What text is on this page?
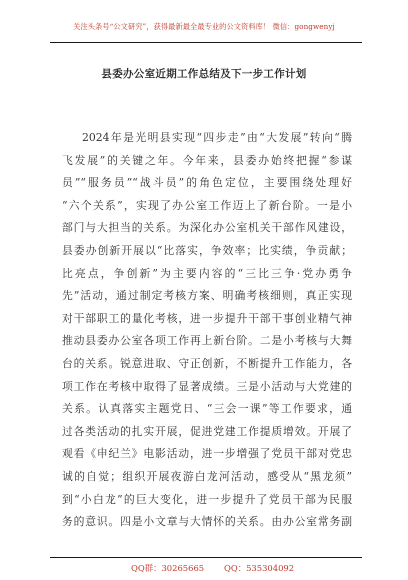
关注头条号“公文研究”，获得最新最全最专业的公文资料库！ 微信：gongwenyj
县委办公室近期工作总结及下一步工作计划
2024年是光明县实现“四步走”由“大发展”转向“腾
飞发展”的关键之年。今年来，县委办始终把握“参谋
员”“服务员”“战斗员”的角色定位，主要围绕处理好
“六个关系”，实现了办公室工作迈上了新台阶。一是小
部门与大担当的关系。为深化办公室机关干部作风建设，
县委办创新开展以“比落实，争效率；比实绩，争贡献；
比亮点，争创新”为主要内容的“三比三争·党办勇争
先”活动，通过制定考核方案、明确考核细则，真正实现
对干部职工的量化考核，进一步提升干部干事创业精气神
推动县委办公室各项工作再上新台阶。二是小考核与大舞
台的关系。锐意进取、守正创新，不断提升工作能力，各
项工作在考核中取得了显著成绩。三是小活动与大党建的
关系。认真落实主题党日、“三会一课”等工作要求，通
过各类活动的扎实开展，促进党建工作提质增效。开展了
观看《申纪兰》电影活动，进一步增强了党员干部对党忠
诚的自觉；组织开展夜游白龙河活动，感受从“黑龙须”
到“小白龙”的巨大变化，进一步提升了党员干部为民服
务的意识。四是小文章与大情怀的关系。由办公室常务副
QQ群：30265665 QQ：535304092
